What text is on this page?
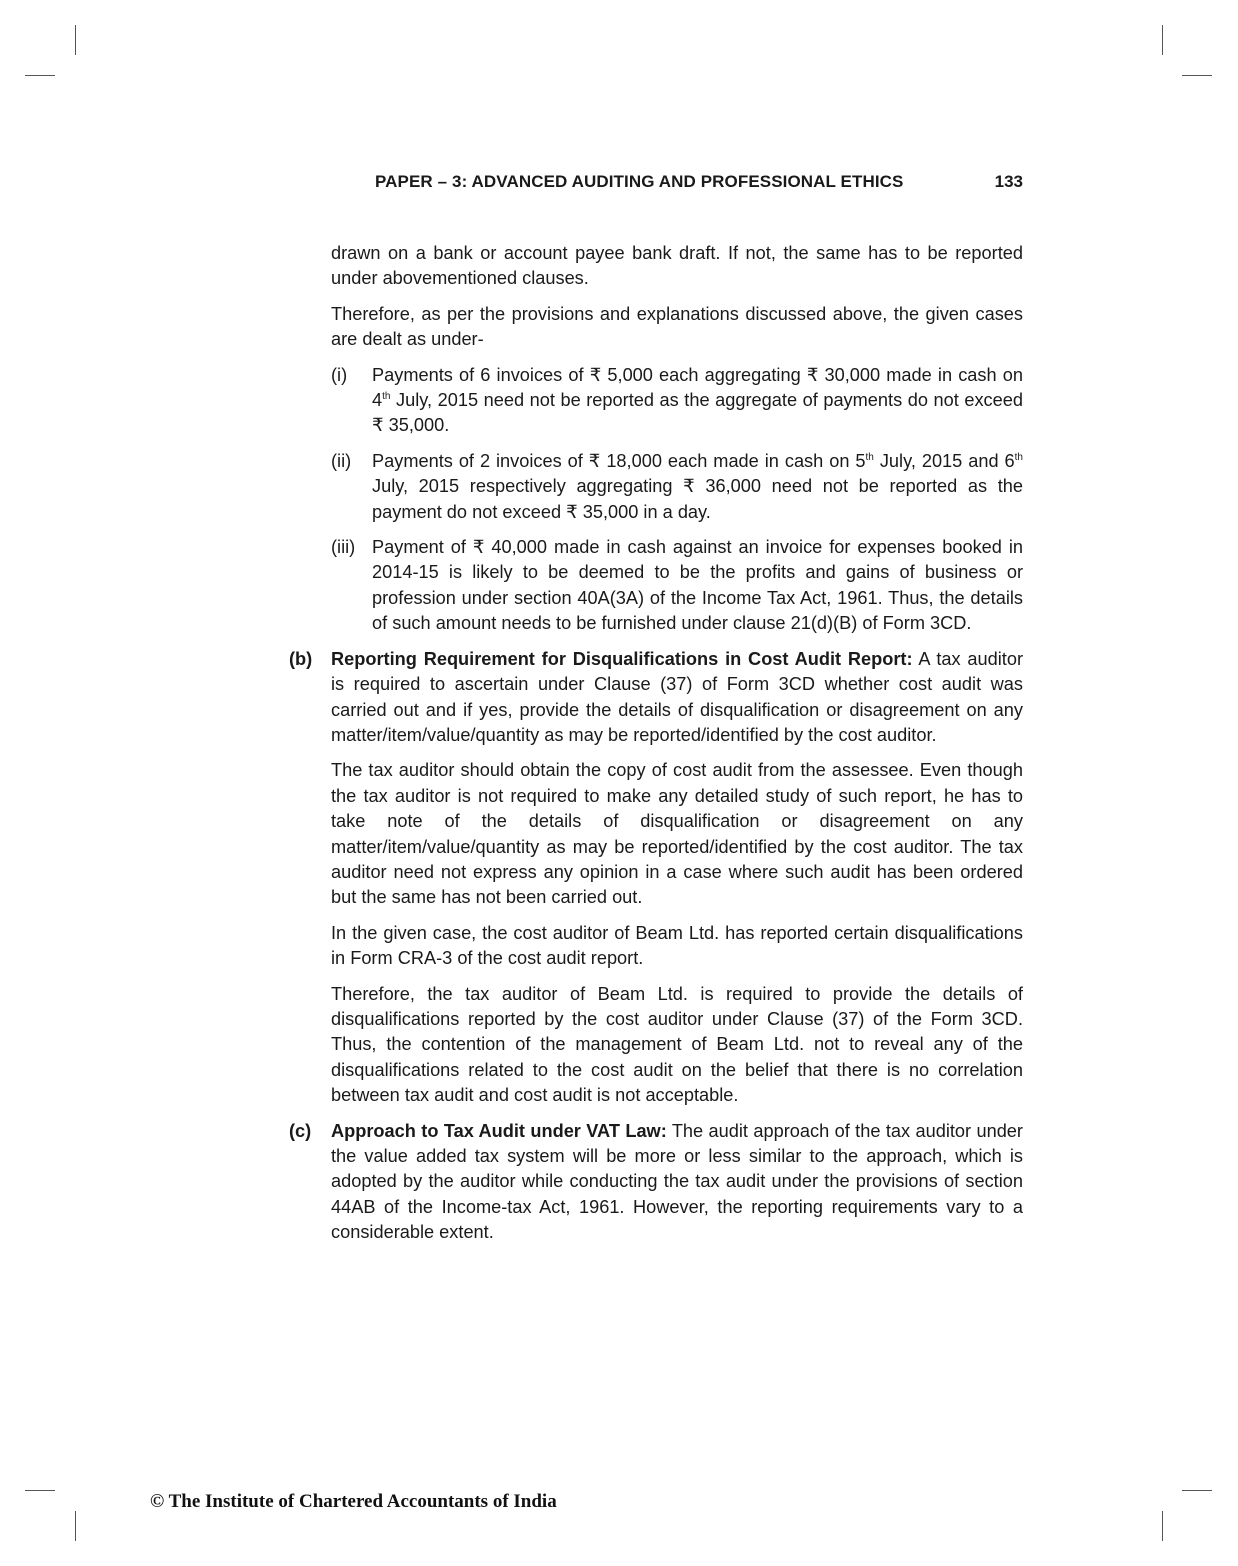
PAPER – 3: ADVANCED AUDITING AND PROFESSIONAL ETHICS	133

drawn on a bank or account payee bank draft. If not, the same has to be reported under abovementioned clauses.

Therefore, as per the provisions and explanations discussed above, the given cases are dealt as under-

(i)	Payments of 6 invoices of ₹ 5,000 each aggregating ₹ 30,000 made in cash on 4th July, 2015 need not be reported as the aggregate of payments do not exceed ₹ 35,000.
(ii)	Payments of 2 invoices of ₹ 18,000 each made in cash on 5th July, 2015 and 6th July, 2015 respectively aggregating ₹ 36,000 need not be reported as the payment do not exceed ₹ 35,000 in a day.
(iii) Payment of ₹ 40,000 made in cash against an invoice for expenses booked in 2014-15 is likely to be deemed to be the profits and gains of business or profession under section 40A(3A) of the Income Tax Act, 1961. Thus, the details of such amount needs to be furnished under clause 21(d)(B) of Form 3CD.
(b)	Reporting Requirement for Disqualifications in Cost Audit Report: A tax auditor is required to ascertain under Clause (37) of Form 3CD whether cost audit was carried out and if yes, provide the details of disqualification or disagreement on any matter/item/value/quantity as may be reported/identified by the cost auditor.

The tax auditor should obtain the copy of cost audit from the assessee. Even though the tax auditor is not required to make any detailed study of such report, he has to take note of the details of disqualification or disagreement on any matter/item/value/quantity as may be reported/identified by the cost auditor. The tax auditor need not express any opinion in a case where such audit has been ordered but the same has not been carried out.

In the given case, the cost auditor of Beam Ltd. has reported certain disqualifications in Form CRA-3 of the cost audit report.

Therefore, the tax auditor of Beam Ltd. is required to provide the details of disqualifications reported by the cost auditor under Clause (37) of the Form 3CD. Thus, the contention of the management of Beam Ltd. not to reveal any of the disqualifications related to the cost audit on the belief that there is no correlation between tax audit and cost audit is not acceptable.

(c)	Approach to Tax Audit under VAT Law: The audit approach of the tax auditor under the value added tax system will be more or less similar to the approach, which is adopted by the auditor while conducting the tax audit under the provisions of section 44AB of the Income-tax Act, 1961. However, the reporting requirements vary to a considerable extent.

© The Institute of Chartered Accountants of India
